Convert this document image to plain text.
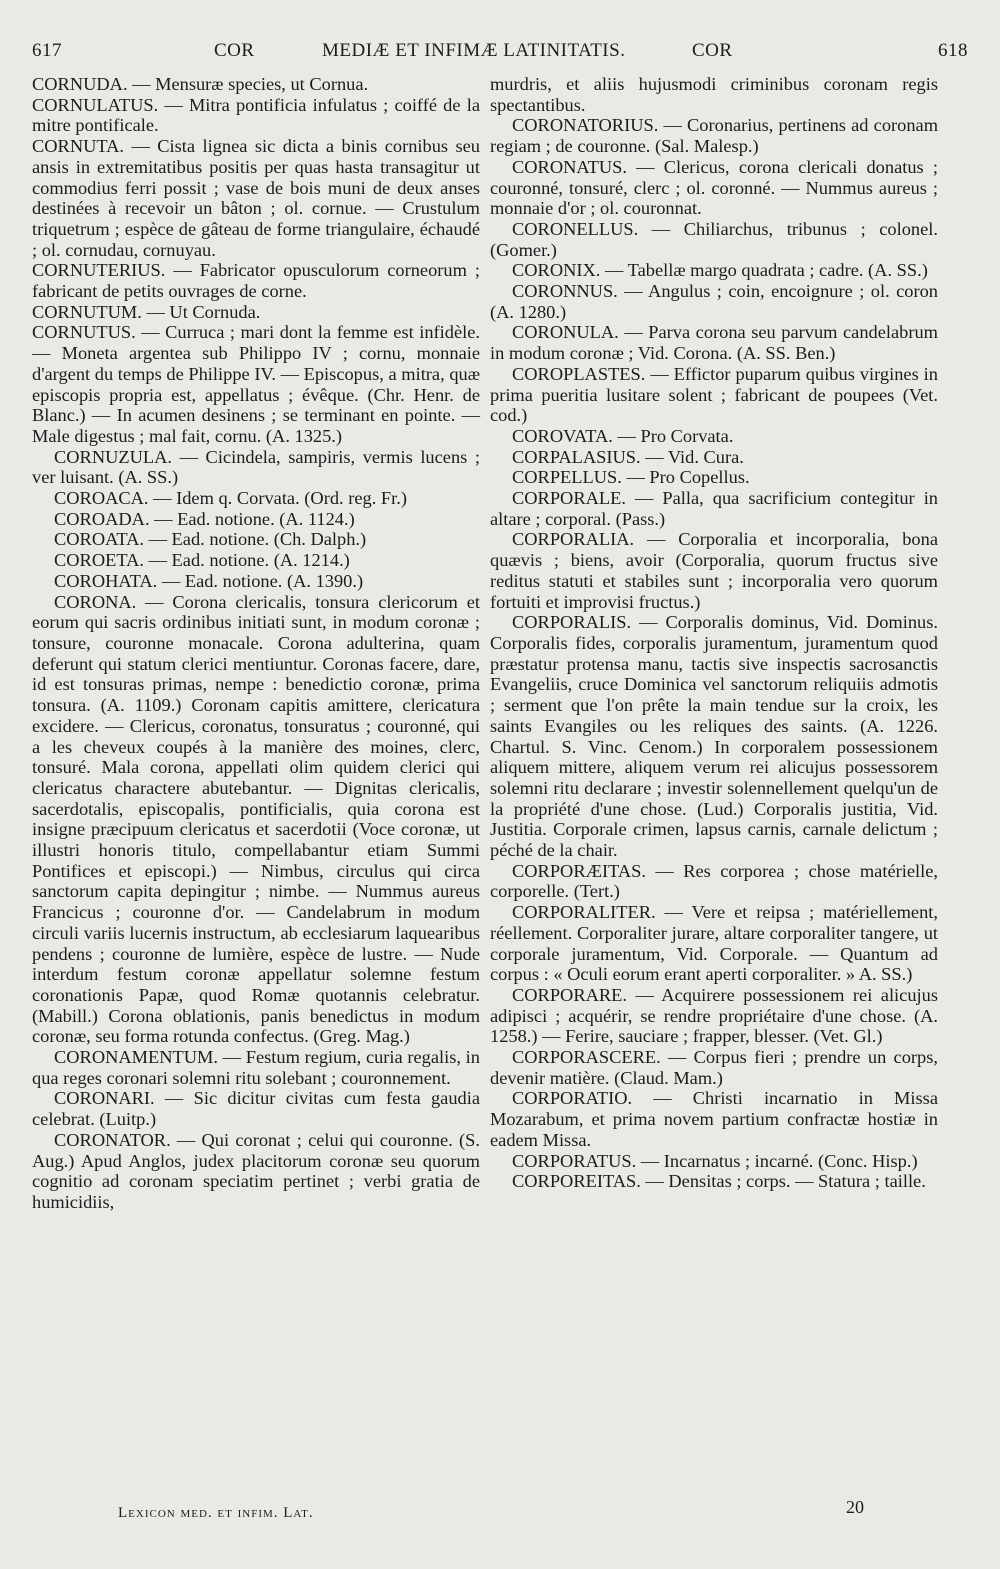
617	COR	MEDIÆ ET INFIMÆ LATINITATIS.	COR	618

CORNUDA. — Mensuræ species, ut Cornua.

CORNULATUS. — Mitra pontificia infulatus ; coiffé de la mitre pontificale.

CORNUTA. — Cista lignea sic dicta a binis cornibus seu ansis in extremitatibus positis per quas hasta transagitur ut commodius ferri possit ; vase de bois muni de deux anses destinées à recevoir un bâton ; ol. cornue. — Crustulum triquetrum ; espèce de gâteau de forme triangulaire, échaudé ; ol. cornudau, cornuyau.

CORNUTERIUS. — Fabricator opusculorum corneorum ; fabricant de petits ouvrages de corne.

CORNUTUM. — Ut Cornuda.

CORNUTUS. — Curruca ; mari dont la femme est infidèle. — Moneta argentea sub Philippo IV ; cornu, monnaie d'argent du temps de Philippe IV. — Episcopus, a mitra, quæ episcopis propria est, appellatus ; évêque. (Chr. Henr. de Blanc.) — In acumen desinens ; se terminant en pointe. — Male digestus ; mal fait, cornu. (A. 1325.)

CORNUZULA. — Cicindela, sampiris, vermis lucens ; ver luisant. (A. SS.)

COROACA. — Idem q. Corvata. (Ord. reg. Fr.)

COROADA. — Ead. notione. (A. 1124.)

COROATA. — Ead. notione. (Ch. Dalph.)

COROETA. — Ead. notione. (A. 1214.)

COROHATA. — Ead. notione. (A. 1390.)

CORONA. — Corona clericalis, tonsura clericorum et eorum qui sacris ordinibus initiati sunt, in modum coronæ ; tonsure, couronne monacale. Corona adulterina, quam deferunt qui statum clerici mentiuntur. Coronas facere, dare, id est tonsuras primas, nempe : benedictio coronæ, prima tonsura. (A. 1109.) Coronam capitis amittere, clericatura excidere. — Clericus, coronatus, tonsuratus ; couronné, qui a les cheveux coupés à la manière des moines, clerc, tonsuré. Mala corona, appellati olim quidem clerici qui clericatus charactere abutebantur. — Dignitas clericalis, sacerdotalis, episcopalis, pontificialis, quia corona est insigne præcipuum clericatus et sacerdotii (Voce coronæ, ut illustri honoris titulo, compellabantur etiam Summi Pontifices et episcopi.) — Nimbus, circulus qui circa sanctorum capita depingitur ; nimbe. — Nummus aureus Francicus ; couronne d'or. — Candelabrum in modum circuli variis lucernis instructum, ab ecclesiarum laquearibus pendens ; couronne de lumière, espèce de lustre. — Nude interdum festum coronæ appellatur solemne festum coronationis Papæ, quod Romæ quotannis celebratur. (Mabill.) Corona oblationis, panis benedictus in modum coronæ, seu forma rotunda confectus. (Greg. Mag.)

CORONAMENTUM. — Festum regium, curia regalis, in qua reges coronari solemni ritu solebant ; couronnement.

CORONARI. — Sic dicitur civitas cum festa gaudia celebrat. (Luitp.)

CORONATOR. — Qui coronat ; celui qui couronne. (S. Aug.) Apud Anglos, judex placitorum coronæ seu quorum cognitio ad coronam speciatim pertinet ; verbi gratia de humicidiis,

murdris, et aliis hujusmodi criminibus coronam regis spectantibus.

CORONATORIUS. — Coronarius, pertinens ad coronam regiam ; de couronne. (Sal. Malesp.)

CORONATUS. — Clericus, corona clericali donatus ; couronné, tonsuré, clerc ; ol. coronné. — Nummus aureus ; monnaie d'or ; ol. couronnat.

CORONELLUS. — Chiliarchus, tribunus ; colonel. (Gomer.)

CORONIX. — Tabellæ margo quadrata ; cadre. (A. SS.)

CORONNUS. — Angulus ; coin, encoignure ; ol. coron (A. 1280.)

CORONULA. — Parva corona seu parvum candelabrum in modum coronæ ; Vid. Corona. (A. SS. Ben.)

COROPLASTES. — Effictor puparum quibus virgines in prima pueritia lusitare solent ; fabricant de poupees (Vet. cod.)

COROVATA. — Pro Corvata.

CORPALASIUS. — Vid. Cura.

CORPELLUS. — Pro Copellus.

CORPORALE. — Palla, qua sacrificium contegitur in altare ; corporal. (Pass.)

CORPORALIA. — Corporalia et incorporalia, bona quævis ; biens, avoir (Corporalia, quorum fructus sive reditus statuti et stabiles sunt ; incorporalia vero quorum fortuiti et improvisi fructus.)

CORPORALIS. — Corporalis dominus, Vid. Dominus. Corporalis fides, corporalis juramentum, juramentum quod præstatur protensa manu, tactis sive inspectis sacrosanctis Evangeliis, cruce Dominica vel sanctorum reliquiis admotis ; serment que l'on prête la main tendue sur la croix, les saints Evangiles ou les reliques des saints. (A. 1226. Chartul. S. Vinc. Cenom.) In corporalem possessionem aliquem mittere, aliquem verum rei alicujus possessorem solemni ritu declarare ; investir solennellement quelqu'un de la propriété d'une chose. (Lud.) Corporalis justitia, Vid. Justitia. Corporale crimen, lapsus carnis, carnale delictum ; péché de la chair.

CORPORÆITAS. — Res corporea ; chose matérielle, corporelle. (Tert.)

CORPORALITER. — Vere et reipsa ; matériellement, réellement. Corporaliter jurare, altare corporaliter tangere, ut corporale juramentum, Vid. Corporale. — Quantum ad corpus : « Oculi eorum erant aperti corporaliter. » A. SS.)

CORPORARE. — Acquirere possessionem rei alicujus adipisci ; acquérir, se rendre propriétaire d'une chose. (A. 1258.) — Ferire, sauciare ; frapper, blesser. (Vet. Gl.)

CORPORASCERE. — Corpus fieri ; prendre un corps, devenir matière. (Claud. Mam.)

CORPORATIO. — Christi incarnatio in Missa Mozarabum, et prima novem partium confractæ hostiæ in eadem Missa.

CORPORATUS. — Incarnatus ; incarné. (Conc. Hisp.)

CORPOREITAS. — Densitas ; corps. — Statura ; taille.

Lexicon med. et infim. Lat.	20
